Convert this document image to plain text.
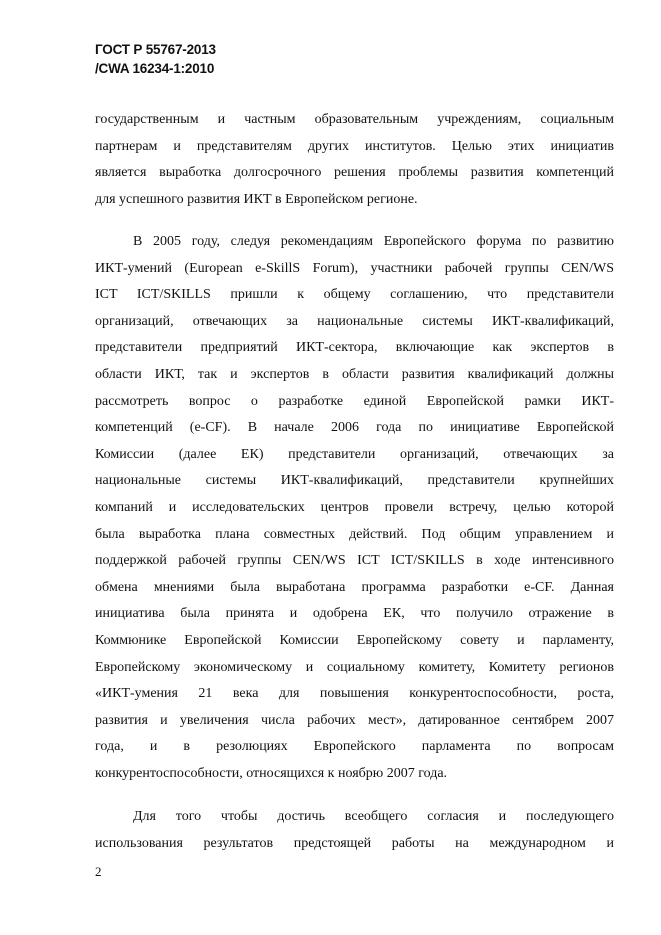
ГОСТ Р 55767-2013
/CWA 16234-1:2010
государственным и частным образовательным учреждениям, социальным
партнерам и представителям других институтов. Целью этих инициатив
является выработка долгосрочного решения проблемы развития компетенций
для успешного развития ИКТ в Европейском регионе.
В 2005 году, следуя рекомендациям Европейского форума по развитию
ИКТ-умений (European e-SkillS Forum), участники рабочей группы CEN/WS
ICT ICT/SKILLS пришли к общему соглашению, что представители
организаций, отвечающих за национальные системы ИКТ-квалификаций,
представители предприятий ИКТ-сектора, включающие как экспертов в
области ИКТ, так и экспертов в области развития квалификаций должны
рассмотреть вопрос о разработке единой Европейской рамки ИКТ-
компетенций (e-CF). В начале 2006 года по инициативе Европейской
Комиссии (далее ЕК) представители организаций, отвечающих за
национальные системы ИКТ-квалификаций, представители крупнейших
компаний и исследовательских центров провели встречу, целью которой
была выработка плана совместных действий. Под общим управлением и
поддержкой рабочей группы CEN/WS ICT ICT/SKILLS в ходе интенсивного
обмена мнениями была выработана программа разработки e-CF. Данная
инициатива была принята и одобрена ЕК, что получило отражение в
Коммюнике Европейской Комиссии Европейскому совету и парламенту,
Европейскому экономическому и социальному комитету, Комитету регионов
«ИКТ-умения 21 века для повышения конкурентоспособности, роста,
развития и увеличения числа рабочих мест», датированное сентябрем 2007
года, и в резолюциях Европейского парламента по вопросам
конкурентоспособности, относящихся к ноябрю 2007 года.
Для того чтобы достичь всеобщего согласия и последующего
использования результатов предстоящей работы на международном и
2
